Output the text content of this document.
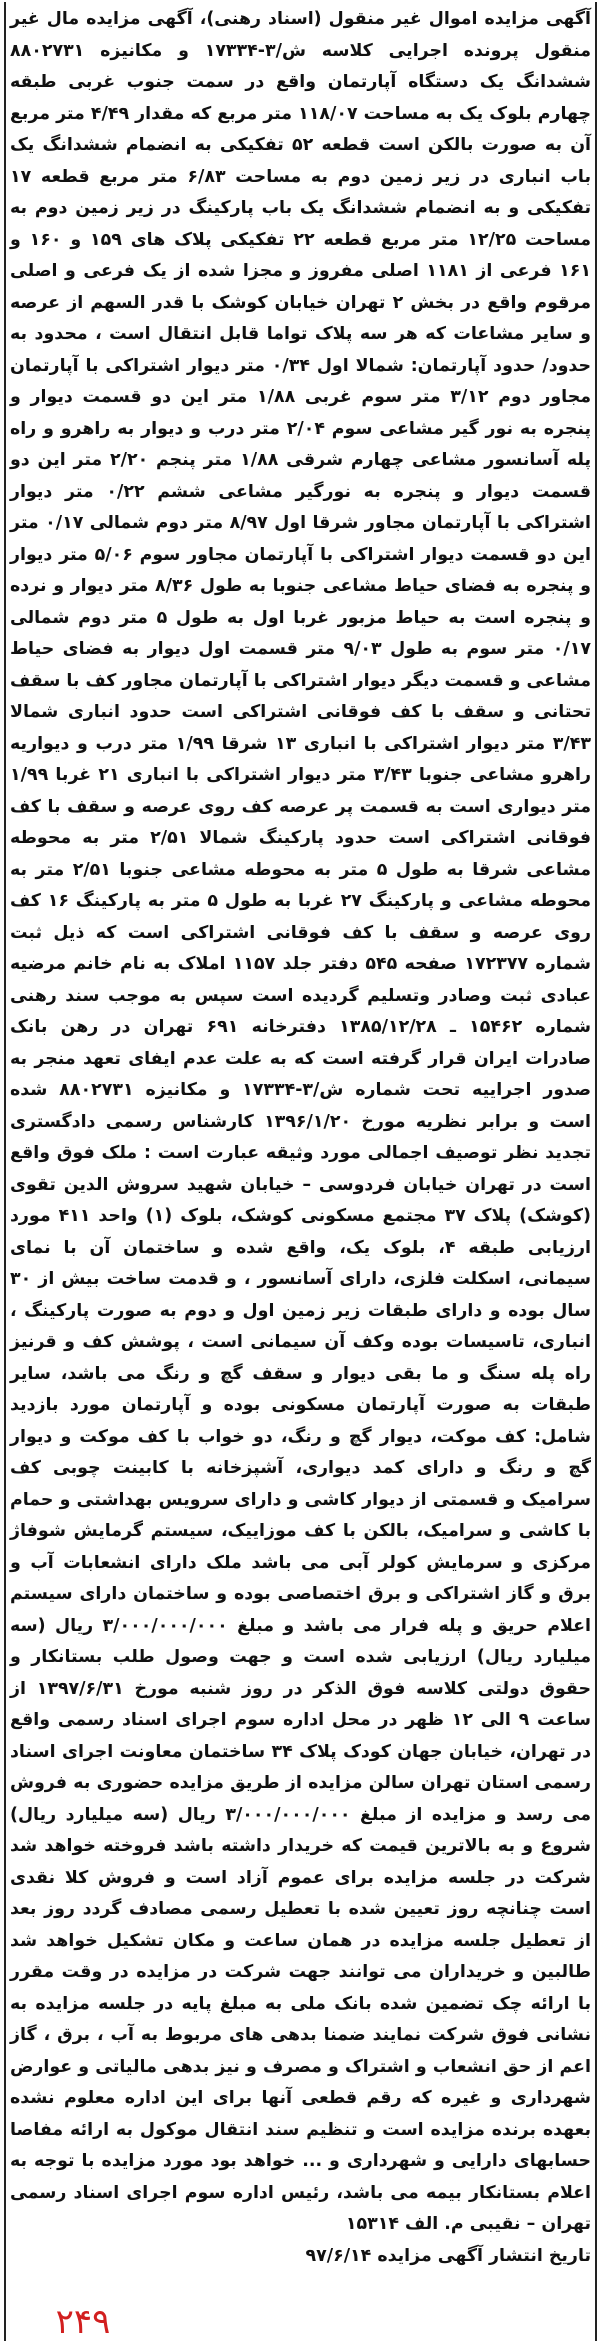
آگهی مزایده اموال غیر منقول (اسناد رهنی)، آگهی مزایده مال غیر منقول پرونده اجرایی کلاسه ش/۳-۱۷۳۳۴ و مکانیزه ۸۸۰۲۷۳۱ ششدانگ یک دستگاه آپارتمان واقع در سمت جنوب غربی طبقه چهارم بلوک یک به مساحت ۱۱۸/۰۷ متر مربع که مقدار ۴/۴۹ متر مربع آن به صورت بالکن است قطعه ۵۲ تفکیکی به انضمام ششدانگ یک باب انباری در زیر زمین دوم به مساحت ۶/۸۳ متر مربع قطعه ۱۷ تفکیکی و به انضمام ششدانگ یک باب پارکینگ در زیر زمین دوم به مساحت ۱۲/۲۵ متر مربع قطعه ۲۲ تفکیکی پلاک های ۱۵۹ و ۱۶۰ و ۱۶۱ فرعی از ۱۱۸۱ اصلی مفروز و مجزا شده از یک فرعی و اصلی مرقوم واقع در بخش ۲ تهران خیابان کوشک با قدر السهم از عرصه و سایر مشاعات که هر سه پلاک تواما قابل انتقال است ، محدود به حدود/ حدود آپارتمان: شمالا اول ۰/۳۴ متر دیوار اشتراکی با آپارتمان مجاور دوم ۳/۱۲ متر سوم غربی ۱/۸۸ متر این دو قسمت دیوار و پنجره به نور گیر مشاعی سوم ۲/۰۴ متر درب و دیوار به راهرو و راه پله آسانسور مشاعی چهارم شرقی ۱/۸۸ متر پنجم ۲/۲۰ متر این دو قسمت دیوار و پنجره به نورگیر مشاعی ششم ۰/۲۲ متر دیوار اشتراکی با آپارتمان مجاور شرقا اول ۸/۹۷ متر دوم شمالی ۰/۱۷ متر این دو قسمت دیوار اشتراکی با آپارتمان مجاور سوم ۵/۰۶ متر دیوار و پنجره به فضای حیاط مشاعی جنوبا به طول ۸/۳۶ متر دیوار و نرده و پنجره است به حیاط مزبور غربا اول به طول ۵ متر دوم شمالی ۰/۱۷ متر سوم به طول ۹/۰۳ متر قسمت اول دیوار به فضای حیاط مشاعی و قسمت دیگر دیوار اشتراکی با آپارتمان مجاور کف با سقف تحتانی و سقف با کف فوقانی اشتراکی است حدود انباری شمالا ۳/۴۳ متر دیوار اشتراکی با انباری ۱۳ شرقا ۱/۹۹ متر درب و دیواریه راهرو مشاعی جنوبا ۳/۴۳ متر دیوار اشتراکی با انباری ۲۱ غربا ۱/۹۹ متر دیواری است به قسمت پر عرصه کف روی عرصه و سقف با کف فوقانی اشتراکی است حدود پارکینگ شمالا ۲/۵۱ متر به محوطه مشاعی شرقا به طول ۵ متر به محوطه مشاعی جنوبا ۲/۵۱ متر به محوطه مشاعی و پارکینگ ۲۷ غربا به طول ۵ متر به پارکینگ ۱۶ کف روی عرصه و سقف با کف فوقانی اشتراکی است که ذیل ثبت شماره ۱۷۲۳۷۷ صفحه ۵۴۵ دفتر جلد ۱۱۵۷ املاک به نام خانم مرضیه عبادی ثبت وصادر وتسلیم گردیده است سپس به موجب سند رهنی شماره ۱۵۴۶۲ ـ ۱۳۸۵/۱۲/۲۸ دفترخانه ۶۹۱ تهران در رهن بانک صادرات ایران قرار گرفته است که به علت عدم ایفای تعهد منجر به صدور اجراییه تحت شماره ش/۳-۱۷۳۳۴ و مکانیزه ۸۸۰۲۷۳۱ شده است و برابر نظریه مورخ ۱۳۹۶/۱/۲۰ کارشناس رسمی دادگستری تجدید نظر توصیف اجمالی مورد وثیقه عبارت است : ملک فوق واقع است در تهران خیابان فردوسی – خیابان شهید سروش الدین تقوی (کوشک) پلاک ۳۷ مجتمع مسکونی کوشک، بلوک (۱) واحد ۴۱۱ مورد ارزیابی طبقه ۴، بلوک یک، واقع شده و ساختمان آن با نمای سیمانی، اسکلت فلزی، دارای آسانسور ، و قدمت ساخت بیش از ۳۰ سال بوده و دارای طبقات زیر زمین اول و دوم به صورت پارکینگ ، انباری، تاسیسات بوده وکف آن سیمانی است ، پوشش کف و قرنیز راه پله سنگ و ما بقی دیوار و سقف گچ و رنگ می باشد، سایر طبقات به صورت آپارتمان مسکونی بوده و آپارتمان مورد بازدید شامل: کف موکت، دیوار گچ و رنگ، دو خواب با کف موکت و دیوار گچ و رنگ و دارای کمد دیواری، آشپزخانه با کابینت چوبی کف سرامیک و قسمتی از دیوار کاشی و دارای سرویس بهداشتی و حمام با کاشی و سرامیک، بالکن با کف موزاییک، سیستم گرمایش شوفاژ مرکزی و سرمایش کولر آبی می باشد ملک دارای انشعابات آب و برق و گاز اشتراکی و برق اختصاصی بوده و ساختمان دارای سیستم اعلام حریق و پله فرار می باشد و مبلغ ۳/۰۰۰/۰۰۰/۰۰۰ ریال (سه میلیارد ریال) ارزیابی شده است و جهت وصول طلب بستانکار و حقوق دولتی کلاسه فوق الذکر در روز شنبه مورخ ۱۳۹۷/۶/۳۱ از ساعت ۹ الی ۱۲ ظهر در محل اداره سوم اجرای اسناد رسمی واقع در تهران، خیابان جهان کودک پلاک ۳۴ ساختمان معاونت اجرای اسناد رسمی استان تهران سالن مزایده از طریق مزایده حضوری به فروش می رسد و مزایده از مبلغ ۳/۰۰۰/۰۰۰/۰۰۰ ریال (سه میلیارد ریال) شروع و به بالاترین قیمت که خریدار داشته باشد فروخته خواهد شد شرکت در جلسه مزایده برای عموم آزاد است و فروش کلا نقدی است چنانچه روز تعیین شده با تعطیل رسمی مصادف گردد روز بعد از تعطیل جلسه مزایده در همان ساعت و مکان تشکیل خواهد شد طالبین و خریداران می توانند جهت شرکت در مزایده در وقت مقرر با ارائه چک تضمین شده بانک ملی به مبلغ پایه در جلسه مزایده به نشانی فوق شرکت نمایند ضمنا بدهی های مربوط به آب ، برق ، گاز اعم از حق انشعاب و اشتراک و مصرف و نیز بدهی مالیاتی و عوارض شهرداری و غیره که رقم قطعی آنها برای این اداره معلوم نشده بعهده برنده مزایده است و تنظیم سند انتقال موکول به ارائه مفاصا حسابهای دارایی و شهرداری و ... خواهد بود مورد مزایده با توجه به اعلام بستانکار بیمه می باشد، رئیس اداره سوم اجرای اسناد رسمی تهران – نقیبی م. الف ۱۵۳۱۴

تاریخ انتشار آگهی مزایده ۹۷/۶/۱۴
۲۴۹
